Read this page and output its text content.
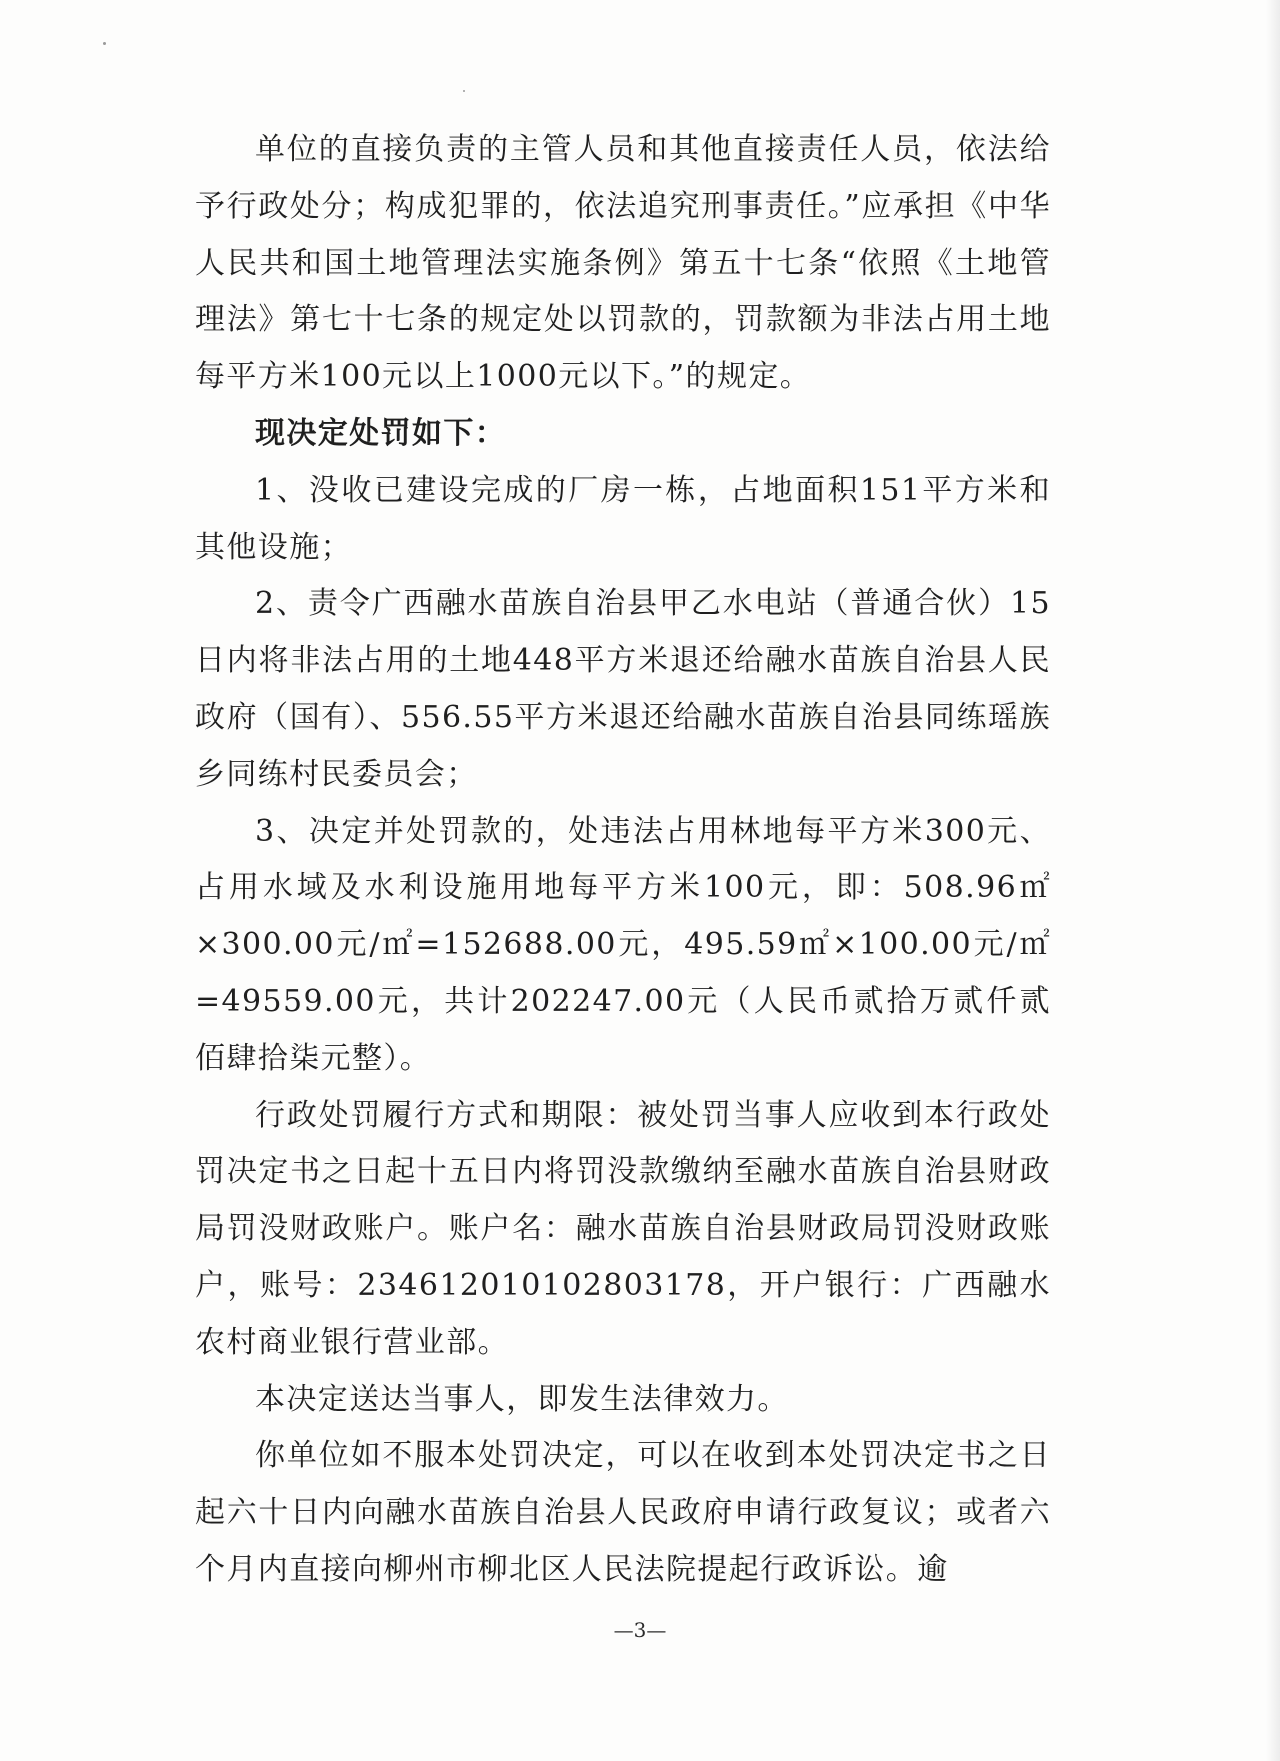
单位的直接负责的主管人员和其他直接责任人员，依法给予行政处分；构成犯罪的，依法追究刑事责任。”应承担《中华人民共和国土地管理法实施条例》第五十七条“依照《土地管理法》第七十七条的规定处以罚款的，罚款额为非法占用土地每平方米100元以上1000元以下。”的规定。

现决定处罚如下：

1、没收已建设完成的厂房一栋，占地面积151平方米和其他设施；

2、责令广西融水苗族自治县甲乙水电站（普通合伙）15日内将非法占用的土地448平方米退还给融水苗族自治县人民政府（国有）、556.55平方米退还给融水苗族自治县同练瑶族乡同练村民委员会；

3、决定并处罚款的，处违法占用林地每平方米300元、占用水域及水利设施用地每平方米100元，即：508.96㎡×300.00元/㎡=152688.00元，495.59㎡×100.00元/㎡=49559.00元，共计202247.00元（人民币贰拾万贰仟贰佰肆拾柒元整）。

行政处罚履行方式和期限：被处罚当事人应收到本行政处罚决定书之日起十五日内将罚没款缴纳至融水苗族自治县财政局罚没财政账户。账户名：融水苗族自治县财政局罚没财政账户，账号：234612010102803178，开户银行：广西融水农村商业银行营业部。

本决定送达当事人，即发生法律效力。

你单位如不服本处罚决定，可以在收到本处罚决定书之日起六十日内向融水苗族自治县人民政府申请行政复议；或者六个月内直接向柳州市柳北区人民法院提起行政诉讼。逾

—3—
